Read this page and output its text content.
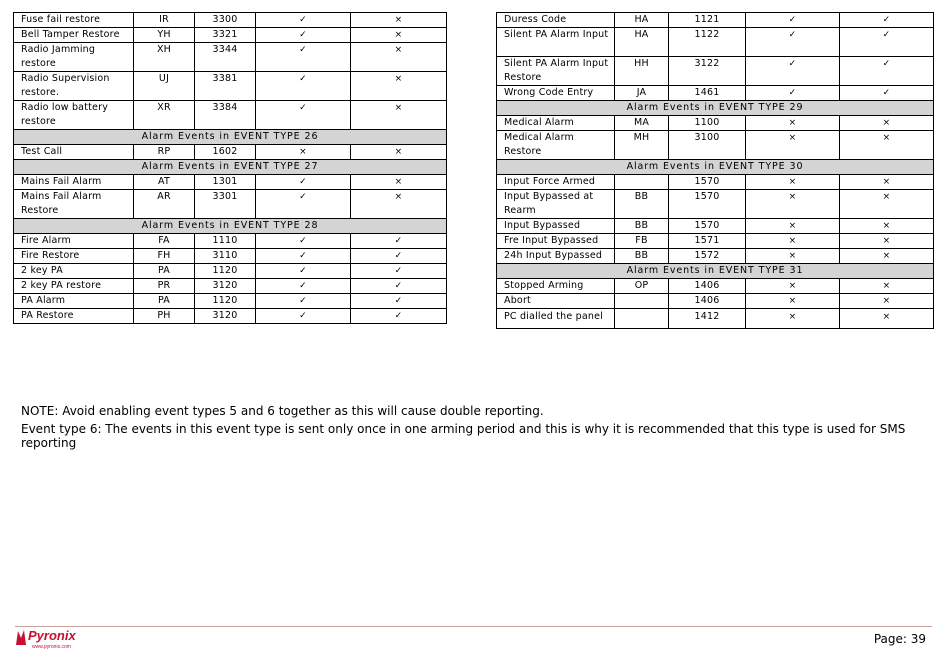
Fuse fail restore	IR	3300	✓	×
Bell Tamper Restore	YH	3321	✓	×
Radio Jamming restore	XH	3344	✓	×
Radio Supervision restore.	UJ	3381	✓	×
Radio low battery restore	XR	3384	✓	×
Alarm Events in EVENT TYPE 26				
Test Call	RP	1602	×	×
Alarm Events in EVENT TYPE 27				
Mains Fail Alarm	AT	1301	✓	×
Mains Fail Alarm Restore	AR	3301	✓	×
Alarm Events in EVENT TYPE 28				
Fire Alarm	FA	1110	✓	✓
Fire Restore	FH	3110	✓	✓
2 key PA	PA	1120	✓	✓
2 key PA restore	PR	3120	✓	✓
PA Alarm	PA	1120	✓	✓
PA Restore	PH	3120	✓	✓
Duress Code	HA	1121	✓	✓
Silent PA Alarm Input	HA	1122	✓	✓
Silent PA Alarm Input Restore	HH	3122	✓	✓
Wrong Code Entry	JA	1461	✓	✓
Alarm Events in EVENT TYPE 29				
Medical Alarm	MA	1100	×	×
Medical Alarm Restore	MH	3100	×	×
Alarm Events in EVENT TYPE 30				
Input Force Armed		1570	×	×
Input Bypassed at Rearm	BB	1570	×	×
Input Bypassed	BB	1570	×	×
Fre Input Bypassed	FB	1571	×	×
24h Input Bypassed	BB	1572	×	×
Alarm Events in EVENT TYPE 31				
Stopped Arming	OP	1406	×	×
Abort		1406	×	×
PC dialled the panel		1412	×	×
NOTE: Avoid enabling event types 5 and 6 together as this will cause double reporting.
Event type 6: The events in this event type is sent only once in one arming period and this is why it is recommended that this type is used for SMS reporting
Pyronix
www.pyronix.com
Page: 39
